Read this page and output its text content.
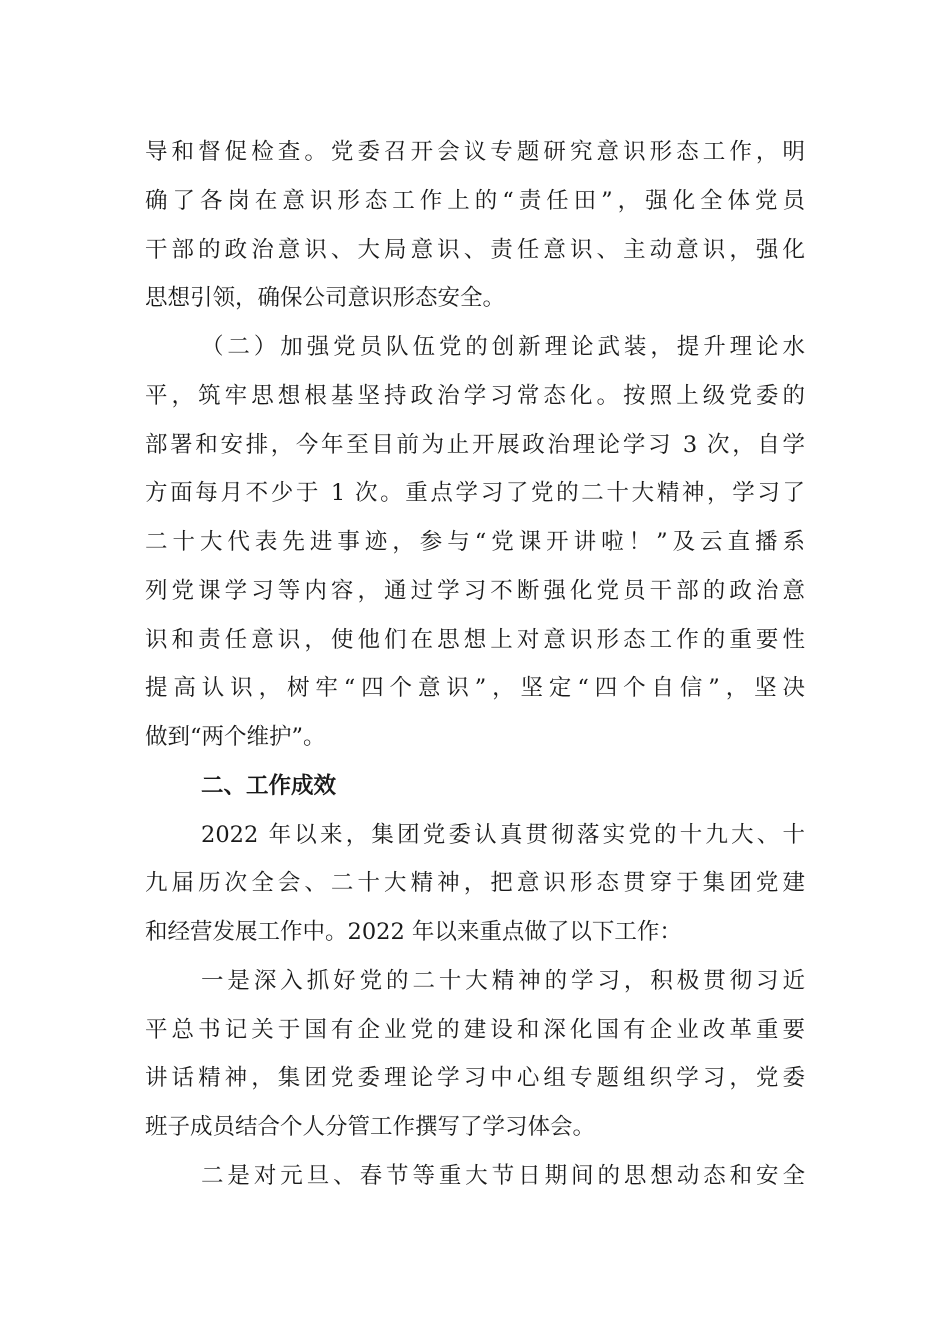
导和督促检查。党委召开会议专题研究意识形态工作，明
确了各岗在意识形态工作上的“责任田”，强化全体党员
干部的政治意识、大局意识、责任意识、主动意识，强化
思想引领，确保公司意识形态安全。
（二）加强党员队伍党的创新理论武装，提升理论水
平，筑牢思想根基坚持政治学习常态化。按照上级党委的
部署和安排，今年至目前为止开展政治理论学习 3 次，自学
方面每月不少于 1 次。重点学习了党的二十大精神，学习了
二十大代表先进事迹，参与“党课开讲啦！”及云直播系
列党课学习等内容，通过学习不断强化党员干部的政治意
识和责任意识，使他们在思想上对意识形态工作的重要性
提高认识，树牢“四个意识”，坚定“四个自信”，坚决
做到“两个维护”。
二、工作成效
2022 年以来，集团党委认真贯彻落实党的十九大、十
九届历次全会、二十大精神，把意识形态贯穿于集团党建
和经营发展工作中。2022 年以来重点做了以下工作：
一是深入抓好党的二十大精神的学习，积极贯彻习近
平总书记关于国有企业党的建设和深化国有企业改革重要
讲话精神，集团党委理论学习中心组专题组织学习，党委
班子成员结合个人分管工作撰写了学习体会。
二是对元旦、春节等重大节日期间的思想动态和安全
